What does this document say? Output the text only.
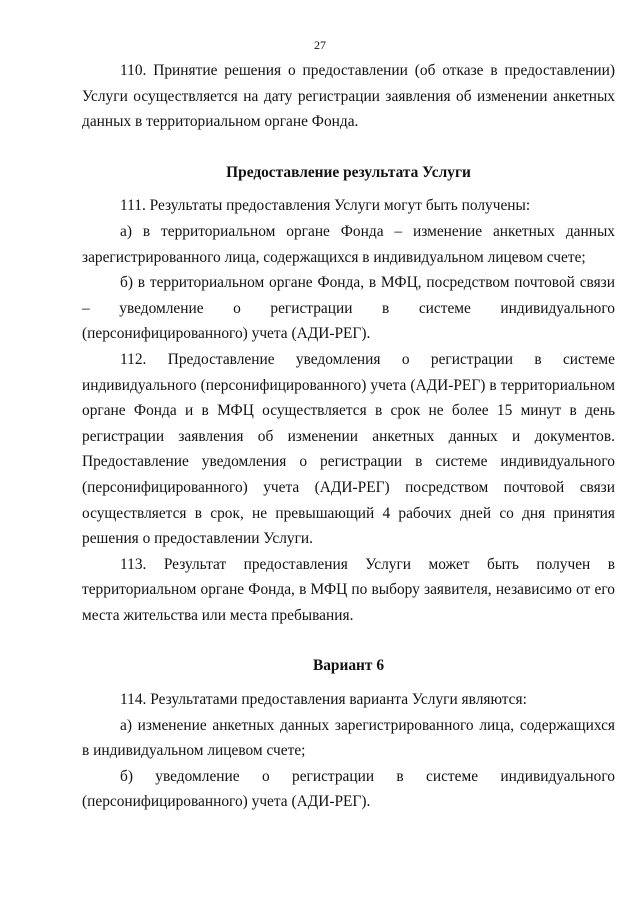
27

110. Принятие решения о предоставлении (об отказе в предоставлении) Услуги осуществляется на дату регистрации заявления об изменении анкетных данных в территориальном органе Фонда.

Предоставление результата Услуги

111. Результаты предоставления Услуги могут быть получены:

а) в территориальном органе Фонда – изменение анкетных данных зарегистрированного лица, содержащихся в индивидуальном лицевом счете;

б) в территориальном органе Фонда, в МФЦ, посредством почтовой связи – уведомление о регистрации в системе индивидуального (персонифицированного) учета (АДИ-РЕГ).

112. Предоставление уведомления о регистрации в системе индивидуального (персонифицированного) учета (АДИ-РЕГ) в территориальном органе Фонда и в МФЦ осуществляется в срок не более 15 минут в день регистрации заявления об изменении анкетных данных и документов. Предоставление уведомления о регистрации в системе индивидуального (персонифицированного) учета (АДИ-РЕГ) посредством почтовой связи осуществляется в срок, не превышающий 4 рабочих дней со дня принятия решения о предоставлении Услуги.

113. Результат предоставления Услуги может быть получен в территориальном органе Фонда, в МФЦ по выбору заявителя, независимо от его места жительства или места пребывания.

Вариант 6

114. Результатами предоставления варианта Услуги являются:

а) изменение анкетных данных зарегистрированного лица, содержащихся в индивидуальном лицевом счете;

б) уведомление о регистрации в системе индивидуального (персонифицированного) учета (АДИ-РЕГ).
